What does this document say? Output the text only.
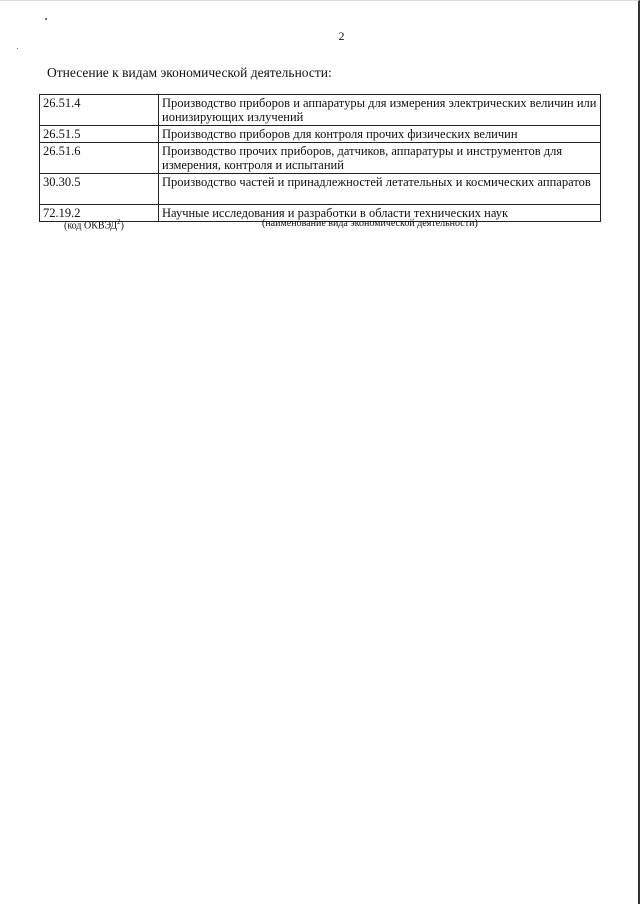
2
Отнесение к видам экономической деятельности:
26.51.4	Производство приборов и аппаратуры для измерения электрических величин или ионизирующих излучений
26.51.5	Производство приборов для контроля прочих физических величин
26.51.6	Производство прочих приборов, датчиков, аппаратуры и инструментов для измерения, контроля и испытаний
30.30.5	Производство частей и принадлежностей летательных и космических аппаратов
72.19.2	Научные исследования и разработки в области технических наук
(код ОКВЭД$^2$)	(наименование вида экономической деятельности)
